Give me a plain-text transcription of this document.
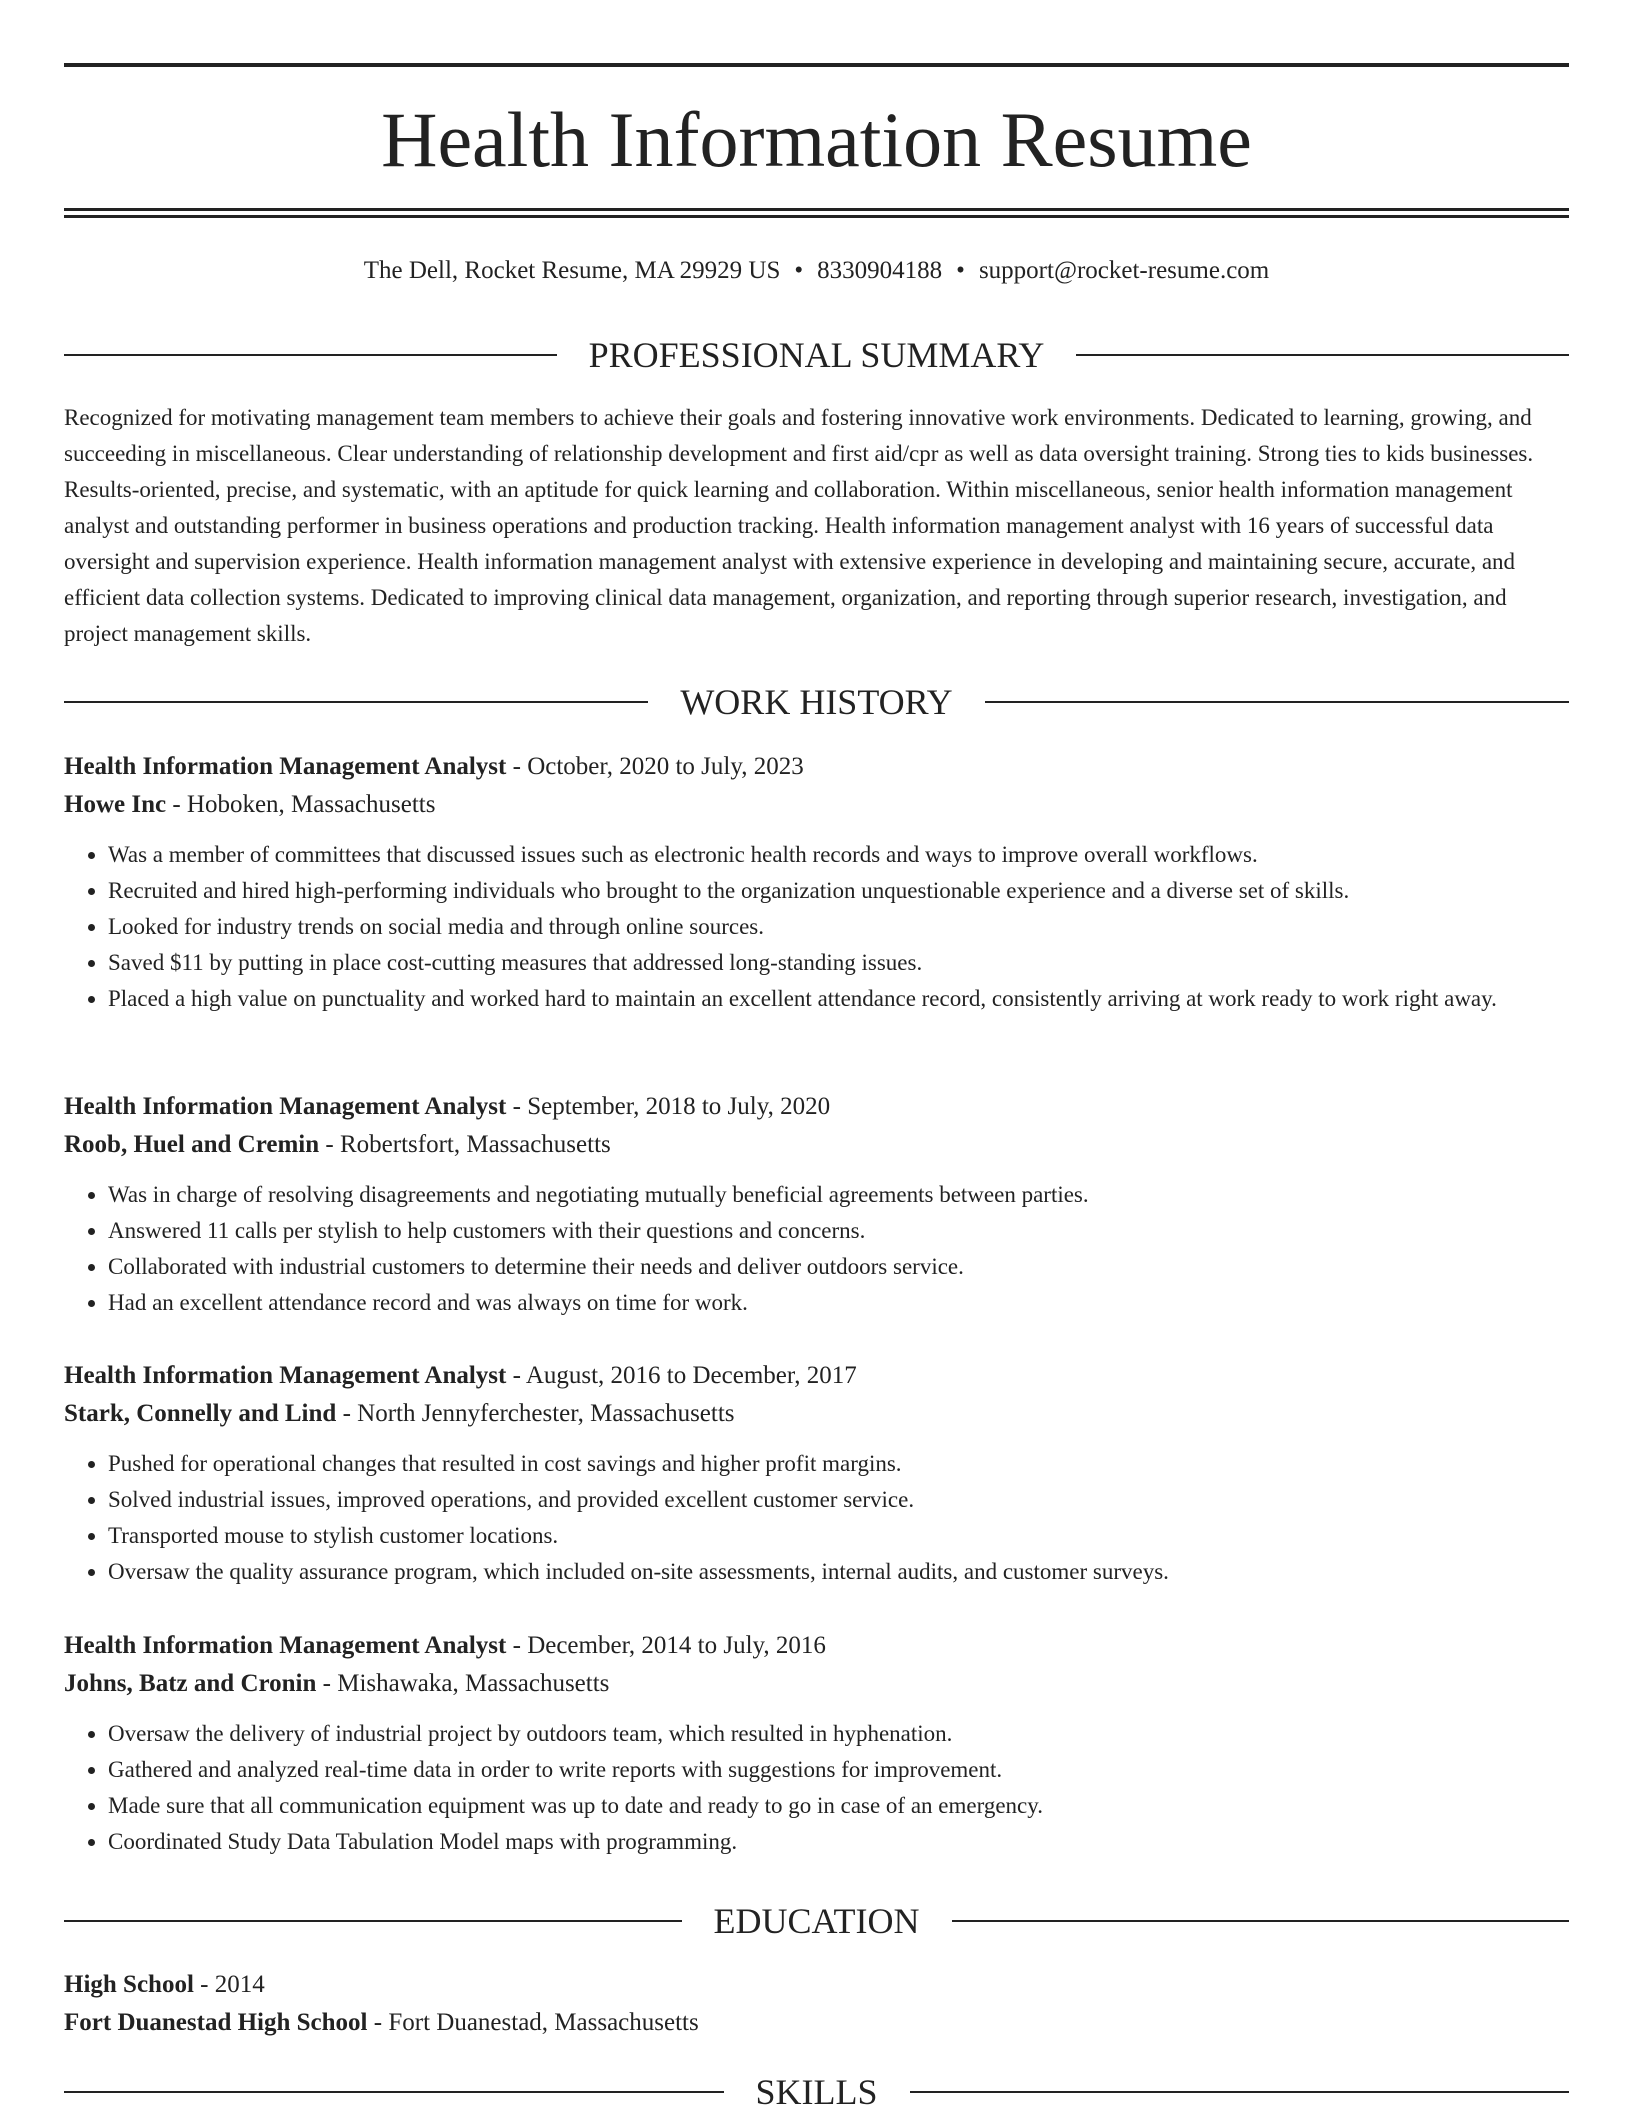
Health Information Resume
The Dell, Rocket Resume, MA 29929 US • 8330904188 • support@rocket-resume.com
PROFESSIONAL SUMMARY

Recognized for motivating management team members to achieve their goals and fostering innovative work environments. Dedicated to learning, growing, and succeeding in miscellaneous. Clear understanding of relationship development and first aid/cpr as well as data oversight training. Strong ties to kids businesses. Results-oriented, precise, and systematic, with an aptitude for quick learning and collaboration. Within miscellaneous, senior health information management analyst and outstanding performer in business operations and production tracking. Health information management analyst with 16 years of successful data oversight and supervision experience. Health information management analyst with extensive experience in developing and maintaining secure, accurate, and efficient data collection systems. Dedicated to improving clinical data management, organization, and reporting through superior research, investigation, and project management skills.

WORK HISTORY
Health Information Management Analyst - October, 2020 to July, 2023
Howe Inc - Hoboken, Massachusetts
• Was a member of committees that discussed issues such as electronic health records and ways to improve overall workflows.
• Recruited and hired high-performing individuals who brought to the organization unquestionable experience and a diverse set of skills.
• Looked for industry trends on social media and through online sources.
• Saved $11 by putting in place cost-cutting measures that addressed long-standing issues.
• Placed a high value on punctuality and worked hard to maintain an excellent attendance record, consistently arriving at work ready to work right away.
Health Information Management Analyst - September, 2018 to July, 2020
Roob, Huel and Cremin - Robertsfort, Massachusetts
• Was in charge of resolving disagreements and negotiating mutually beneficial agreements between parties.
• Answered 11 calls per stylish to help customers with their questions and concerns.
• Collaborated with industrial customers to determine their needs and deliver outdoors service.
• Had an excellent attendance record and was always on time for work.
Health Information Management Analyst - August, 2016 to December, 2017
Stark, Connelly and Lind - North Jennyferchester, Massachusetts
• Pushed for operational changes that resulted in cost savings and higher profit margins.
• Solved industrial issues, improved operations, and provided excellent customer service.
• Transported mouse to stylish customer locations.
• Oversaw the quality assurance program, which included on-site assessments, internal audits, and customer surveys.
Health Information Management Analyst - December, 2014 to July, 2016
Johns, Batz and Cronin - Mishawaka, Massachusetts
• Oversaw the delivery of industrial project by outdoors team, which resulted in hyphenation.
• Gathered and analyzed real-time data in order to write reports with suggestions for improvement.
• Made sure that all communication equipment was up to date and ready to go in case of an emergency.
• Coordinated Study Data Tabulation Model maps with programming.
EDUCATION
High School - 2014
Fort Duanestad High School - Fort Duanestad, Massachusetts
SKILLS
